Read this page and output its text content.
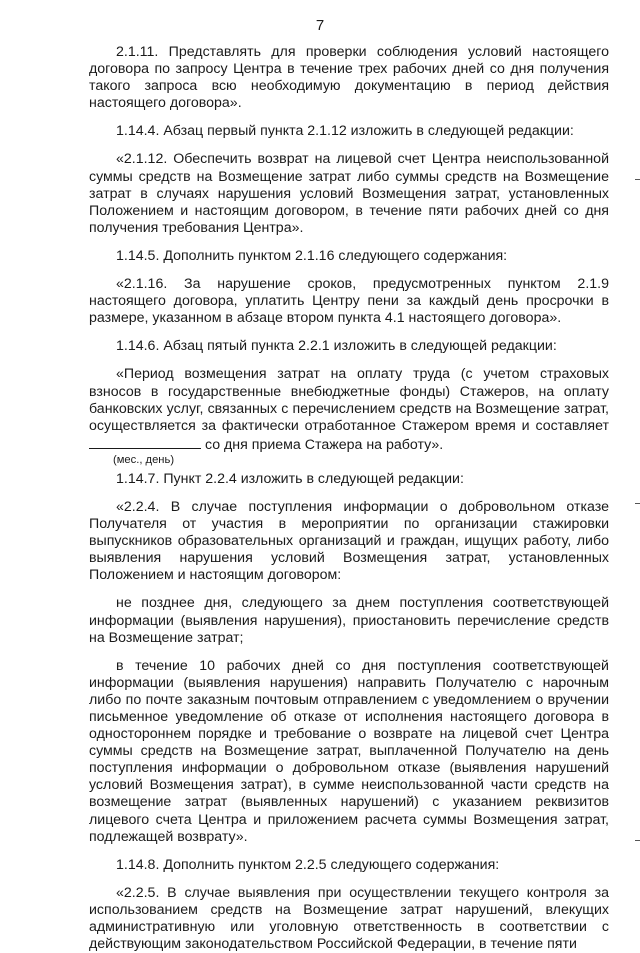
7

2.1.11. Представлять для проверки соблюдения условий настоящего договора по запросу Центра в течение трех рабочих дней со дня получения такого запроса всю необходимую документацию в период действия настоящего договора».

1.14.4. Абзац первый пункта 2.1.12 изложить в следующей редакции:

«2.1.12. Обеспечить возврат на лицевой счет Центра неиспользованной суммы средств на Возмещение затрат либо суммы средств на Возмещение затрат в случаях нарушения условий Возмещения затрат, установленных Положением и настоящим договором, в течение пяти рабочих дней со дня получения требования Центра».

1.14.5. Дополнить пунктом 2.1.16 следующего содержания:

«2.1.16. За нарушение сроков, предусмотренных пунктом 2.1.9 настоящего договора, уплатить Центру пени за каждый день просрочки в размере, указанном в абзаце втором пункта 4.1 настоящего договора».

1.14.6. Абзац пятый пункта 2.2.1 изложить в следующей редакции:

«Период возмещения затрат на оплату труда (с учетом страховых взносов в государственные внебюджетные фонды) Стажеров, на оплату банковских услуг, связанных с перечислением средств на Возмещение затрат, осуществляется за фактически отработанное Стажером время и составляет  со дня приема Стажера на работу».

(мес., день)

1.14.7. Пункт 2.2.4 изложить в следующей редакции:

«2.2.4. В случае поступления информации о добровольном отказе Получателя от участия в мероприятии по организации стажировки выпускников образовательных организаций и граждан, ищущих работу, либо выявления нарушения условий Возмещения затрат, установленных Положением и настоящим договором:

не позднее дня, следующего за днем поступления соответствующей информации (выявления нарушения), приостановить перечисление средств на Возмещение затрат;

в течение 10 рабочих дней со дня поступления соответствующей информации (выявления нарушения) направить Получателю с нарочным либо по почте заказным почтовым отправлением с уведомлением о вручении письменное уведомление об отказе от исполнения настоящего договора в одностороннем порядке и требование о возврате на лицевой счет Центра суммы средств на Возмещение затрат, выплаченной Получателю на день поступления информации о добровольном отказе (выявления нарушений условий Возмещения затрат), в сумме неиспользованной части средств на возмещение затрат (выявленных нарушений) с указанием реквизитов лицевого счета Центра и приложением расчета суммы Возмещения затрат, подлежащей возврату».

1.14.8. Дополнить пунктом 2.2.5 следующего содержания:

«2.2.5. В случае выявления при осуществлении текущего контроля за использованием средств на Возмещение затрат нарушений, влекущих административную или уголовную ответственность в соответствии с действующим законодательством Российской Федерации, в течение пяти
